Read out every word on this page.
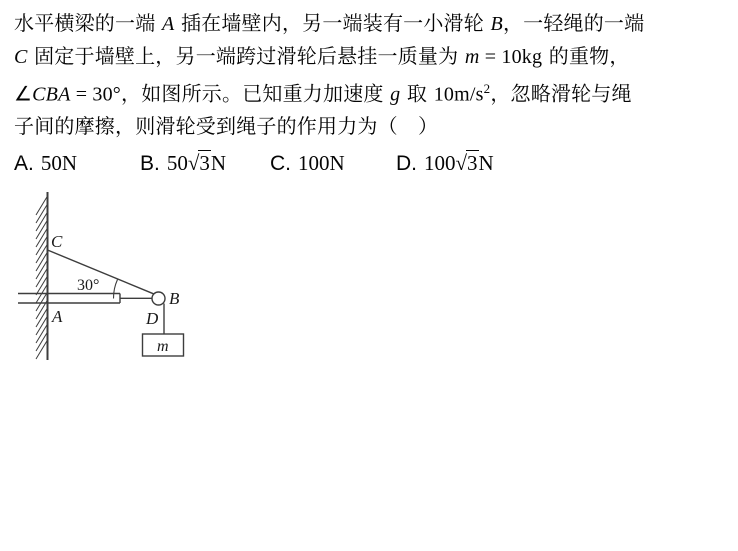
水平横梁的一端 A 插在墙壁内，另一端装有一小滑轮 B，一轻绳的一端

C 固定于墙壁上，另一端跨过滑轮后悬挂一质量为 m = 10kg 的重物，

∠CBA = 30°，如图所示。已知重力加速度 g 取 $10m/s^2$，忽略滑轮与绳

子间的摩擦，则滑轮受到绳子的作用力为（　）

A. 50N	B. 50√3N C. 100N D. 100√3N
C
A
B
D
m
30°
